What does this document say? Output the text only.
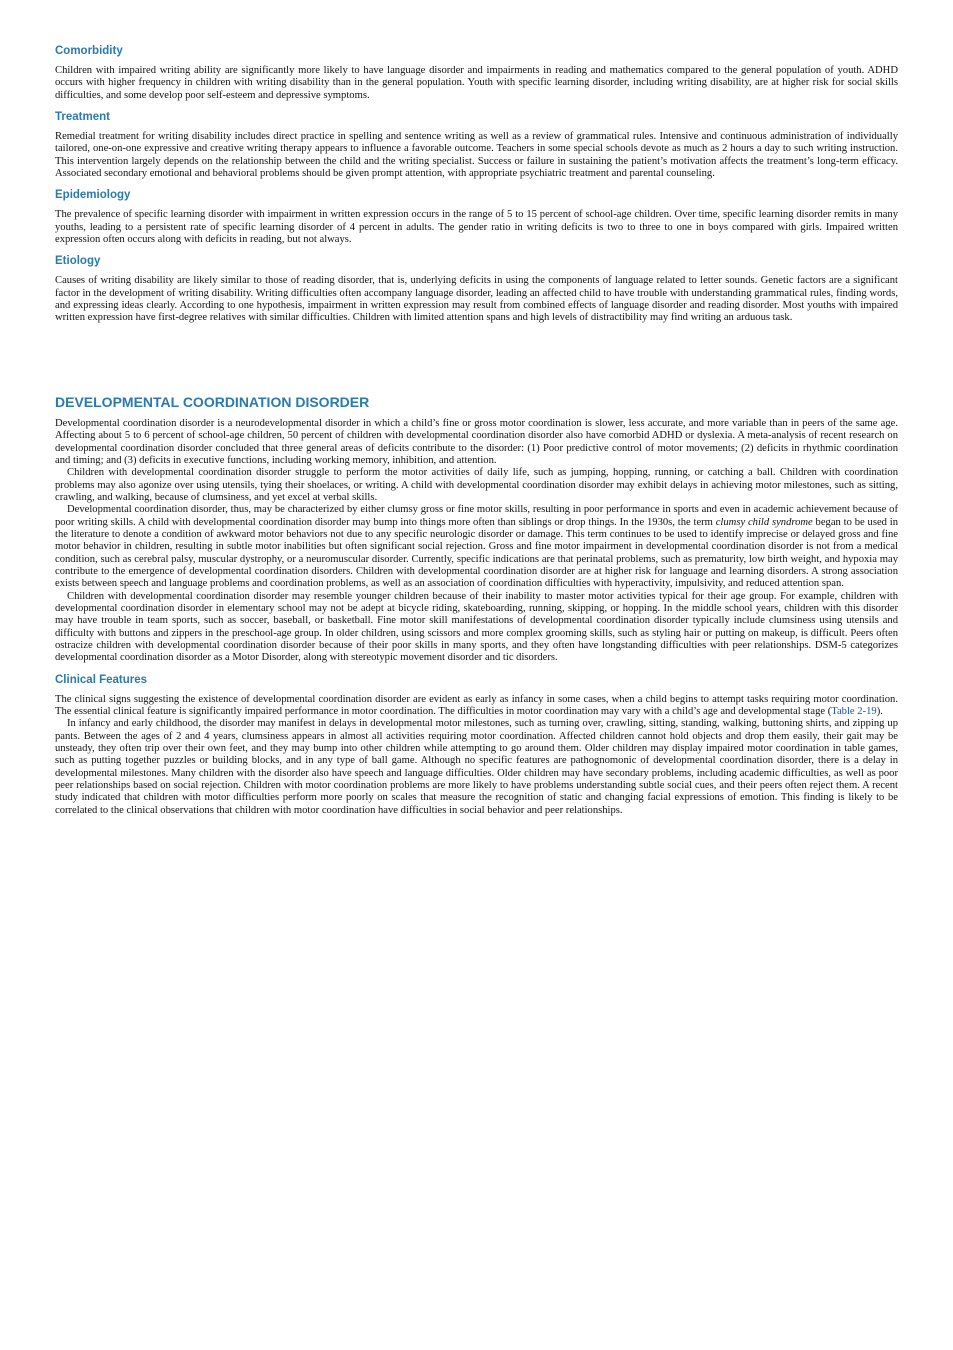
Comorbidity

Children with impaired writing ability are significantly more likely to have language disorder and impairments in reading and mathematics compared to the general population of youth. ADHD occurs with higher frequency in children with writing disability than in the general population. Youth with specific learning disorder, including writing disability, are at higher risk for social skills difficulties, and some develop poor self-esteem and depressive symptoms.

Treatment

Remedial treatment for writing disability includes direct practice in spelling and sentence writing as well as a review of grammatical rules. Intensive and continuous administration of individually tailored, one-on-one expressive and creative writing therapy appears to influence a favorable outcome. Teachers in some special schools devote as much as 2 hours a day to such writing instruction. This intervention largely depends on the relationship between the child and the writing specialist. Success or failure in sustaining the patient’s motivation affects the treatment’s long-term efficacy. Associated secondary emotional and behavioral problems should be given prompt attention, with appropriate psychiatric treatment and parental counseling.

Epidemiology

The prevalence of specific learning disorder with impairment in written expression occurs in the range of 5 to 15 percent of school-age children. Over time, specific learning disorder remits in many youths, leading to a persistent rate of specific learning disorder of 4 percent in adults. The gender ratio in writing deficits is two to three to one in boys compared with girls. Impaired written expression often occurs along with deficits in reading, but not always.

Etiology

Causes of writing disability are likely similar to those of reading disorder, that is, underlying deficits in using the components of language related to letter sounds. Genetic factors are a significant factor in the development of writing disability. Writing difficulties often accompany language disorder, leading an affected child to have trouble with understanding grammatical rules, finding words, and expressing ideas clearly. According to one hypothesis, impairment in written expression may result from combined effects of language disorder and reading disorder. Most youths with impaired written expression have first-degree relatives with similar difficulties. Children with limited attention spans and high levels of distractibility may find writing an arduous task.

DEVELOPMENTAL COORDINATION DISORDER

Developmental coordination disorder is a neurodevelopmental disorder in which a child’s fine or gross motor coordination is slower, less accurate, and more variable than in peers of the same age. Affecting about 5 to 6 percent of school-age children, 50 percent of children with developmental coordination disorder also have comorbid ADHD or dyslexia. A meta-analysis of recent research on developmental coordination disorder concluded that three general areas of deficits contribute to the disorder: (1) Poor predictive control of motor movements; (2) deficits in rhythmic coordination and timing; and (3) deficits in executive functions, including working memory, inhibition, and attention.

Children with developmental coordination disorder struggle to perform the motor activities of daily life, such as jumping, hopping, running, or catching a ball. Children with coordination problems may also agonize over using utensils, tying their shoelaces, or writing. A child with developmental coordination disorder may exhibit delays in achieving motor milestones, such as sitting, crawling, and walking, because of clumsiness, and yet excel at verbal skills.

Developmental coordination disorder, thus, may be characterized by either clumsy gross or fine motor skills, resulting in poor performance in sports and even in academic achievement because of poor writing skills. A child with developmental coordination disorder may bump into things more often than siblings or drop things. In the 1930s, the term clumsy child syndrome began to be used in the literature to denote a condition of awkward motor behaviors not due to any specific neurologic disorder or damage. This term continues to be used to identify imprecise or delayed gross and fine motor behavior in children, resulting in subtle motor inabilities but often significant social rejection. Gross and fine motor impairment in developmental coordination disorder is not from a medical condition, such as cerebral palsy, muscular dystrophy, or a neuromuscular disorder. Currently, specific indications are that perinatal problems, such as prematurity, low birth weight, and hypoxia may contribute to the emergence of developmental coordination disorders. Children with developmental coordination disorder are at higher risk for language and learning disorders. A strong association exists between speech and language problems and coordination problems, as well as an association of coordination difficulties with hyperactivity, impulsivity, and reduced attention span.

Children with developmental coordination disorder may resemble younger children because of their inability to master motor activities typical for their age group. For example, children with developmental coordination disorder in elementary school may not be adept at bicycle riding, skateboarding, running, skipping, or hopping. In the middle school years, children with this disorder may have trouble in team sports, such as soccer, baseball, or basketball. Fine motor skill manifestations of developmental coordination disorder typically include clumsiness using utensils and difficulty with buttons and zippers in the preschool-age group. In older children, using scissors and more complex grooming skills, such as styling hair or putting on makeup, is difficult. Peers often ostracize children with developmental coordination disorder because of their poor skills in many sports, and they often have longstanding difficulties with peer relationships. DSM-5 categorizes developmental coordination disorder as a Motor Disorder, along with stereotypic movement disorder and tic disorders.

Clinical Features

The clinical signs suggesting the existence of developmental coordination disorder are evident as early as infancy in some cases, when a child begins to attempt tasks requiring motor coordination. The essential clinical feature is significantly impaired performance in motor coordination. The difficulties in motor coordination may vary with a child’s age and developmental stage (Table 2-19).

In infancy and early childhood, the disorder may manifest in delays in developmental motor milestones, such as turning over, crawling, sitting, standing, walking, buttoning shirts, and zipping up pants. Between the ages of 2 and 4 years, clumsiness appears in almost all activities requiring motor coordination. Affected children cannot hold objects and drop them easily, their gait may be unsteady, they often trip over their own feet, and they may bump into other children while attempting to go around them. Older children may display impaired motor coordination in table games, such as putting together puzzles or building blocks, and in any type of ball game. Although no specific features are pathognomonic of developmental coordination disorder, there is a delay in developmental milestones. Many children with the disorder also have speech and language difficulties. Older children may have secondary problems, including academic difficulties, as well as poor peer relationships based on social rejection. Children with motor coordination problems are more likely to have problems understanding subtle social cues, and their peers often reject them. A recent study indicated that children with motor difficulties perform more poorly on scales that measure the recognition of static and changing facial expressions of emotion. This finding is likely to be correlated to the clinical observations that children with motor coordination have difficulties in social behavior and peer relationships.
